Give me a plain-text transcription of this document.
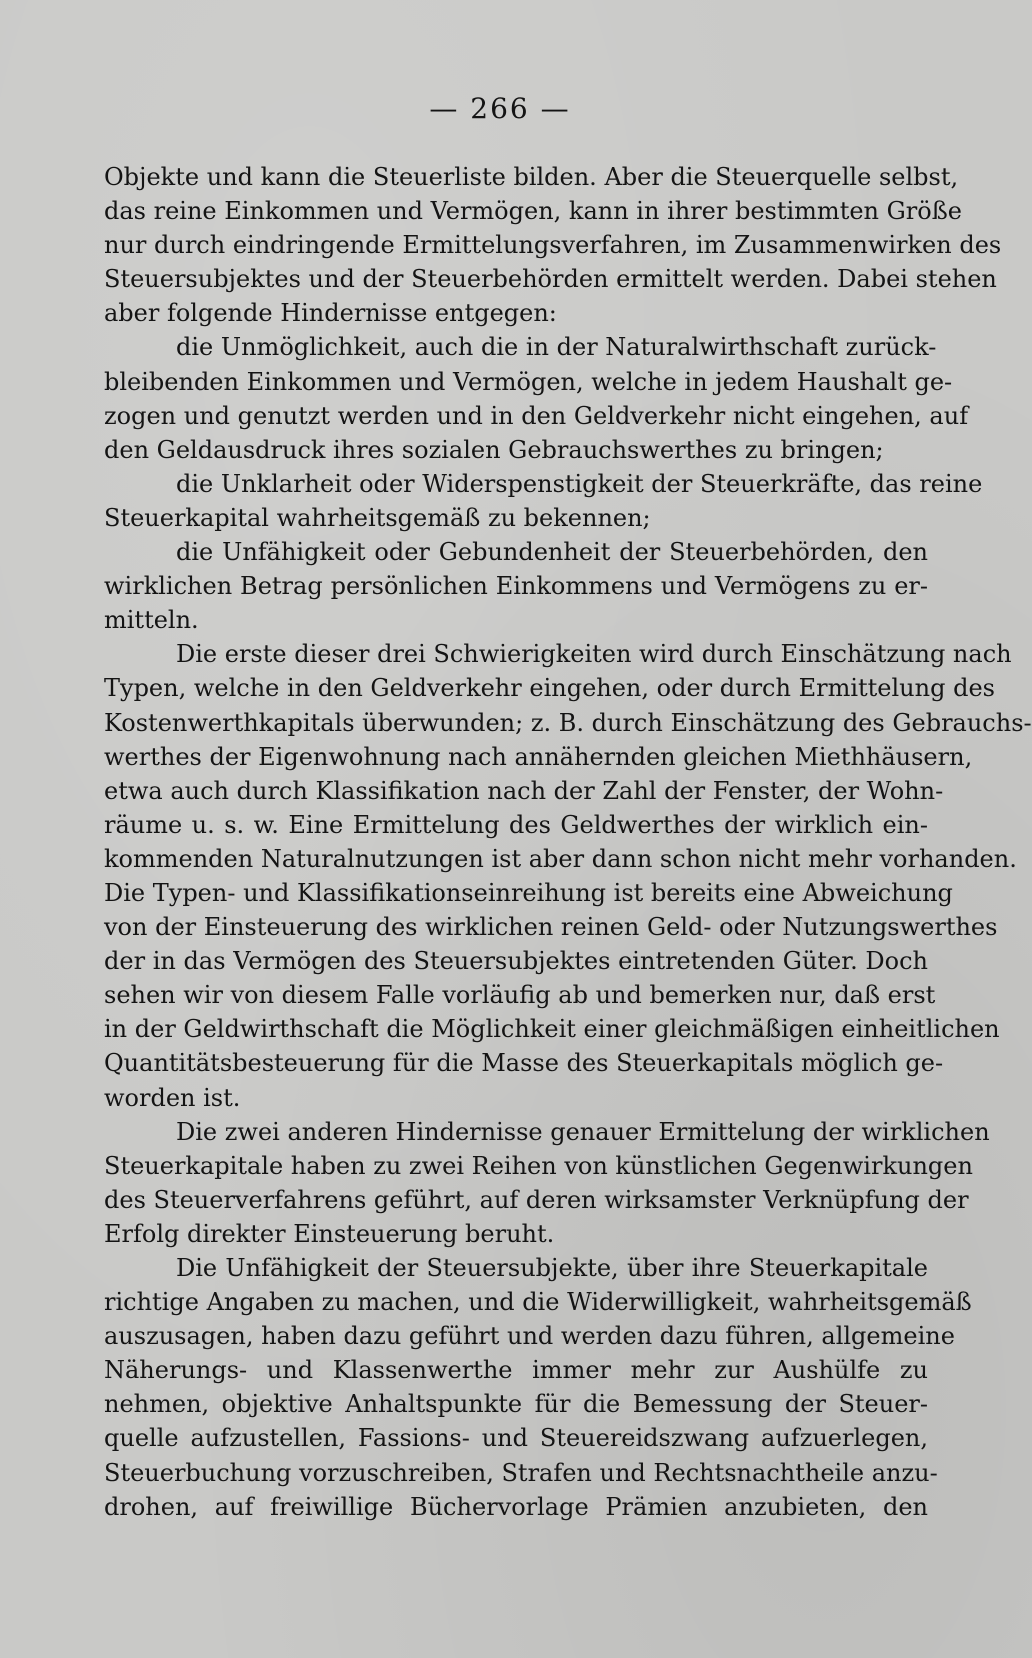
— 266 —
Objekte und kann die Steuerliste bilden. Aber die Steuerquelle selbst,
das reine Einkommen und Vermögen, kann in ihrer bestimmten Größe
nur durch eindringende Ermittelungsverfahren, im Zusammenwirken des
Steuersubjektes und der Steuerbehörden ermittelt werden. Dabei stehen
aber folgende Hindernisse entgegen:
die Unmöglichkeit, auch die in der Naturalwirthschaft zurück-
bleibenden Einkommen und Vermögen, welche in jedem Haushalt ge-
zogen und genutzt werden und in den Geldverkehr nicht eingehen, auf
den Geldausdruck ihres sozialen Gebrauchswerthes zu bringen;
die Unklarheit oder Widerspenstigkeit der Steuerkräfte, das reine
Steuerkapital wahrheitsgemäß zu bekennen;
die Unfähigkeit oder Gebundenheit der Steuerbehörden, den
wirklichen Betrag persönlichen Einkommens und Vermögens zu er-
mitteln.
Die erste dieser drei Schwierigkeiten wird durch Einschätzung nach
Typen, welche in den Geldverkehr eingehen, oder durch Ermittelung des
Kostenwerthkapitals überwunden; z. B. durch Einschätzung des Gebrauchs-
werthes der Eigenwohnung nach annähernden gleichen Miethhäusern,
etwa auch durch Klassifikation nach der Zahl der Fenster, der Wohn-
räume u. s. w. Eine Ermittelung des Geldwerthes der wirklich ein-
kommenden Naturalnutzungen ist aber dann schon nicht mehr vorhanden.
Die Typen- und Klassifikationseinreihung ist bereits eine Abweichung
von der Einsteuerung des wirklichen reinen Geld- oder Nutzungswerthes
der in das Vermögen des Steuersubjektes eintretenden Güter. Doch
sehen wir von diesem Falle vorläufig ab und bemerken nur, daß erst
in der Geldwirthschaft die Möglichkeit einer gleichmäßigen einheitlichen
Quantitätsbesteuerung für die Masse des Steuerkapitals möglich ge-
worden ist.
Die zwei anderen Hindernisse genauer Ermittelung der wirklichen
Steuerkapitale haben zu zwei Reihen von künstlichen Gegenwirkungen
des Steuerverfahrens geführt, auf deren wirksamster Verknüpfung der
Erfolg direkter Einsteuerung beruht.
Die Unfähigkeit der Steuersubjekte, über ihre Steuerkapitale
richtige Angaben zu machen, und die Widerwilligkeit, wahrheitsgemäß
auszusagen, haben dazu geführt und werden dazu führen, allgemeine
Näherungs- und Klassenwerthe immer mehr zur Aushülfe zu
nehmen, objektive Anhaltspunkte für die Bemessung der Steuer-
quelle aufzustellen, Fassions- und Steuereidszwang aufzuerlegen,
Steuerbuchung vorzuschreiben, Strafen und Rechtsnachtheile anzu-
drohen, auf freiwillige Büchervorlage Prämien anzubieten, den
